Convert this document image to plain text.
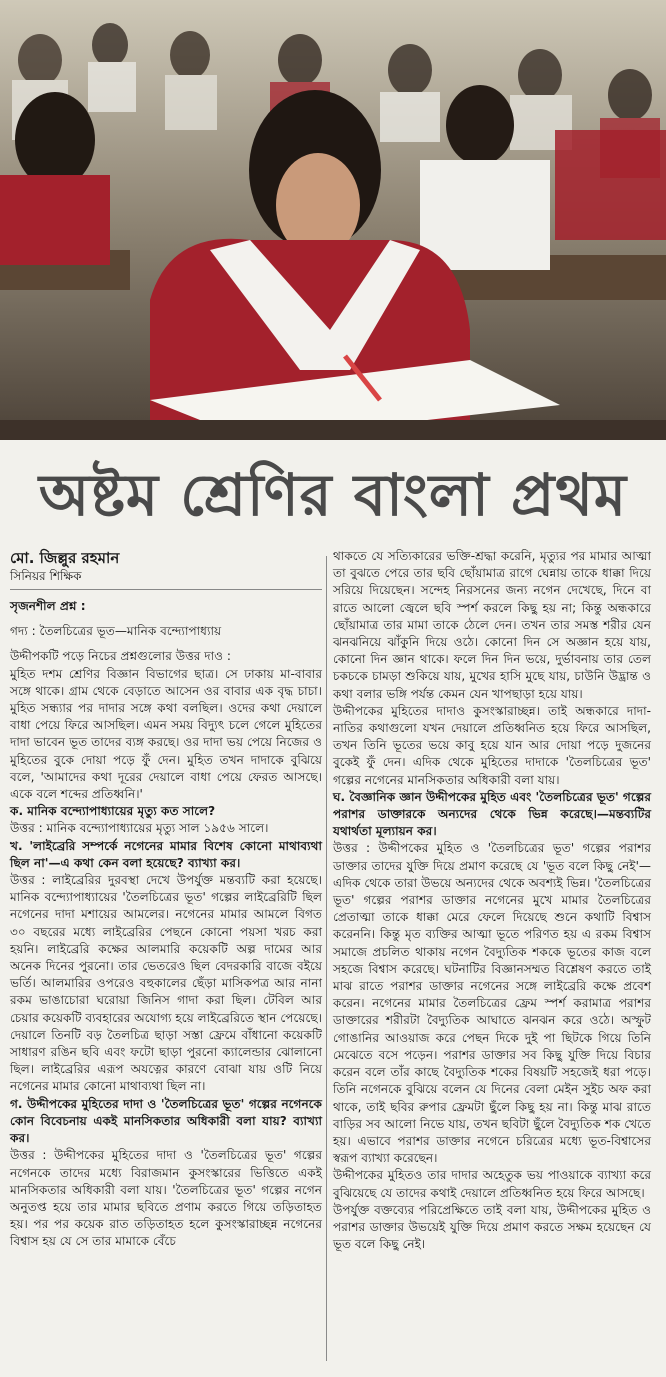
অষ্টম শ্রেণির বাংলা প্রথম
মো. জিল্লুর রহমান
সিনিয়র শিক্ষিক

সৃজনশীল প্রশ্ন :

গদ্য : তৈলচিত্রের ভূত—মানিক বন্দ্যোপাধ্যায়

উদ্দীপকটি পড়ে নিচের প্রশ্নগুলোর উত্তর দাও :

মুহিত দশম শ্রেণির বিজ্ঞান বিভাগের ছাত্র। সে ঢাকায় মা-বাবার সঙ্গে থাকে। গ্রাম থেকে বেড়াতে আসেন ওর বাবার এক বৃদ্ধ চাচা। মুহিত সন্ধ্যার পর দাদার সঙ্গে কথা বলছিল। ওদের কথা দেয়ালে বাধা পেয়ে ফিরে আসছিল। এমন সময় বিদ্যুৎ চলে গেলে মুহিতের দাদা ভাবেন ভূত তাদের ব্যঙ্গ করছে। ওর দাদা ভয় পেয়ে নিজের ও মুহিতের বুকে দোয়া পড়ে ফুঁ দেন। মুহিত তখন দাদাকে বুঝিয়ে বলে, 'আমাদের কথা দূরের দেয়ালে বাধা পেয়ে ফেরত আসছে। একে বলে শব্দের প্রতিধ্বনি।'

ক. মানিক বন্দ্যোপাধ্যায়ের মৃত্যু কত সালে?

উত্তর : মানিক বন্দ্যোপাধ্যায়ের মৃত্যু সাল ১৯৫৬ সালে।

খ. 'লাইব্রেরি সম্পর্কে নগেনের মামার বিশেষ কোনো মাথাব্যথা ছিল না'—এ কথা কেন বলা হয়েছে? ব্যাখ্যা কর।

উত্তর : লাইব্রেরির দুরবস্থা দেখে উপর্যুক্ত মন্তব্যটি করা হয়েছে। মানিক বন্দ্যোপাধ্যায়ের 'তৈলচিত্রের ভূত' গল্পের লাইব্রেরিটি ছিল নগেনের দাদা মশায়ের আমলের। নগেনের মামার আমলে বিগত ৩০ বছরের মধ্যে লাইব্রেরির পেছনে কোনো পয়সা খরচ করা হয়নি। লাইব্রেরি কক্ষের আলমারি কয়েকটি অল্প দামের আর অনেক দিনের পুরনো। তার ভেতরেও ছিল বেদরকারি বাজে বইয়ে ভর্তি। আলমারির ওপরেও বহুকালের ছেঁড়া মাসিকপত্র আর নানা রকম ভাঙাচোরা ঘরোয়া জিনিস গাদা করা ছিল। টেবিল আর চেয়ার কয়েকটি ব্যবহারের অযোগ্য হয়ে লাইব্রেরিতে স্থান পেয়েছে। দেয়ালে তিনটি বড় তৈলচিত্র ছাড়া সস্তা ফ্রেমে বাঁধানো কয়েকটি সাধারণ রঙিন ছবি এবং ফটো ছাড়া পুরনো ক্যালেন্ডার ঝোলানো ছিল। লাইব্রেরির এরূপ অযত্নের কারণে বোঝা যায় ওটি নিয়ে নগেনের মামার কোনো মাথাব্যথা ছিল না।

গ. উদ্দীপকের মুহিতের দাদা ও 'তৈলচিত্রের ভূত' গল্পের নগেনকে কোন বিবেচনায় একই মানসিকতার অধিকারী বলা যায়? ব্যাখ্যা কর।

উত্তর : উদ্দীপকের মুহিতের দাদা ও 'তৈলচিত্রের ভূত' গল্পের নগেনকে তাদের মধ্যে বিরাজমান কুসংস্কারের ভিত্তিতে একই মানসিকতার অধিকারী বলা যায়। 'তৈলচিত্রের ভূত' গল্পের নগেন অনুতপ্ত হয়ে তার মামার ছবিতে প্রণাম করতে গিয়ে তড়িতাহত হয়। পর পর কয়েক রাত তড়িতাহত হলে কুসংস্কারাচ্ছন্ন নগেনের বিশ্বাস হয় যে সে তার মামাকে বেঁচে

থাকতে যে সত্যিকারের ভক্তি-শ্রদ্ধা করেনি, মৃত্যুর পর মামার আত্মা তা বুঝতে পেরে তার ছবি ছোঁয়ামাত্র রাগে ঘেন্নায় তাকে ধাক্কা দিয়ে সরিয়ে দিয়েছেন। সন্দেহ নিরসনের জন্য নগেন দেখেছে, দিনে বা রাতে আলো জ্বেলে ছবি স্পর্শ করলে কিছু হয় না; কিন্তু অন্ধকারে ছোঁয়ামাত্র তার মামা তাকে ঠেলে দেন। তখন তার সমস্ত শরীর যেন ঝনঝনিয়ে ঝাঁকুনি দিয়ে ওঠে। কোনো দিন সে অজ্ঞান হয়ে যায়, কোনো দিন জ্ঞান থাকে। ফলে দিন দিন ভয়ে, দুর্ভাবনায় তার তেল চকচকে চামড়া শুকিয়ে যায়, মুখের হাসি মুছে যায়, চাউনি উদ্ভ্রান্ত ও কথা বলার ভঙ্গি পর্যন্ত কেমন যেন খাপছাড়া হয়ে যায়।

উদ্দীপকের মুহিতের দাদাও কুসংস্কারাচ্ছন্ন। তাই অন্ধকারে দাদা-নাতির কথাগুলো যখন দেয়ালে প্রতিধ্বনিত হয়ে ফিরে আসছিল, তখন তিনি ভূতের ভয়ে কাবু হয়ে যান আর দোয়া পড়ে দুজনের বুকেই ফুঁ দেন। এদিক থেকে মুহিতের দাদাকে 'তৈলচিত্রের ভূত' গল্পের নগেনের মানসিকতার অধিকারী বলা যায়।

ঘ. বৈজ্ঞানিক জ্ঞান উদ্দীপকের মুহিত এবং 'তৈলচিত্রের ভূত' গল্পের পরাশর ডাক্তারকে অন্যদের থেকে ভিন্ন করেছে।—মন্তব্যটির যথার্থতা মূল্যায়ন কর।

উত্তর : উদ্দীপকের মুহিত ও 'তৈলচিত্রের ভূত' গল্পের পরাশর ডাক্তার তাদের যুক্তি দিয়ে প্রমাণ করেছে যে 'ভূত বলে কিছু নেই'—এদিক থেকে তারা উভয়ে অন্যদের থেকে অবশ্যই ভিন্ন। 'তৈলচিত্রের ভূত' গল্পের পরাশর ডাক্তার নগেনের মুখে মামার তৈলচিত্রের প্রেতাত্মা তাকে ধাক্কা মেরে ফেলে দিয়েছে শুনে কথাটি বিশ্বাস করেননি। কিন্তু মৃত ব্যক্তির আত্মা ভূতে পরিণত হয় এ রকম বিশ্বাস সমাজে প্রচলিত থাকায় নগেন বৈদ্যুতিক শককে ভূতের কাজ বলে সহজে বিশ্বাস করেছে। ঘটনাটির বিজ্ঞানসম্মত বিশ্লেষণ করতে তাই মাঝ রাতে পরাশর ডাক্তার নগেনের সঙ্গে লাইব্রেরি কক্ষে প্রবেশ করেন। নগেনের মামার তৈলচিত্রের ফ্রেম স্পর্শ করামাত্র পরাশর ডাক্তারের শরীরটা বৈদ্যুতিক আঘাতে ঝনঝন করে ওঠে। অস্ফুট গোঙানির আওয়াজ করে পেছন দিকে দুই পা ছিটকে গিয়ে তিনি মেঝেতে বসে পড়েন। পরাশর ডাক্তার সব কিছু যুক্তি দিয়ে বিচার করেন বলে তাঁর কাছে বৈদ্যুতিক শকের বিষয়টি সহজেই ধরা পড়ে। তিনি নগেনকে বুঝিয়ে বলেন যে দিনের বেলা মেইন সুইচ অফ করা থাকে, তাই ছবির রুপার ফ্রেমটা ছুঁলে কিছু হয় না। কিন্তু মাঝ রাতে বাড়ির সব আলো নিভে যায়, তখন ছবিটা ছুঁলে বৈদ্যুতিক শক খেতে হয়। এভাবে পরাশর ডাক্তার নগেনে চরিত্রের মধ্যে ভূত-বিশ্বাসের স্বরূপ ব্যাখ্যা করেছেন।

উদ্দীপকের মুহিতও তার দাদার অহেতুক ভয় পাওয়াকে ব্যাখ্যা করে বুঝিয়েছে যে তাদের কথাই দেয়ালে প্রতিধ্বনিত হয়ে ফিরে আসছে।

উপর্যুক্ত বক্তব্যের পরিপ্রেক্ষিতে তাই বলা যায়, উদ্দীপকের মুহিত ও পরাশর ডাক্তার উভয়েই যুক্তি দিয়ে প্রমাণ করতে সক্ষম হয়েছেন যে ভূত বলে কিছু নেই।
